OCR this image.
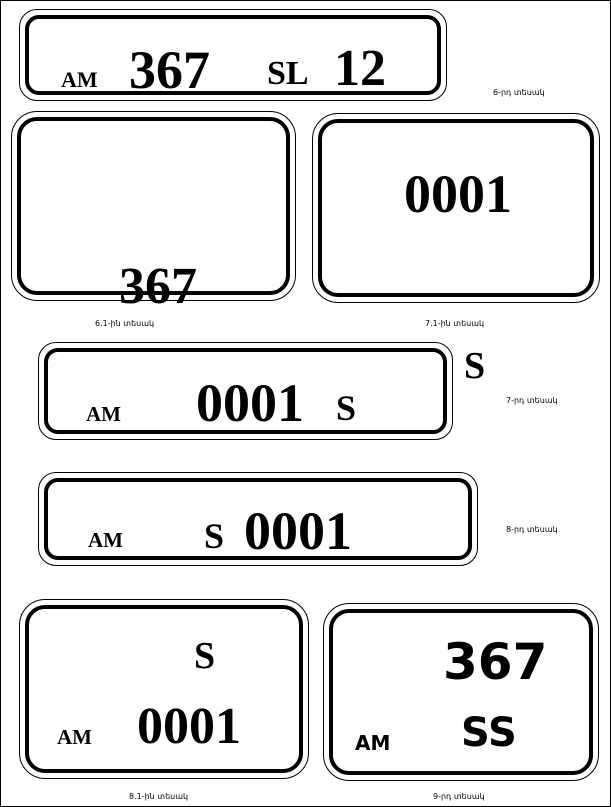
AM 367 SL 12	6-րդ տեսակ
367
6.1-ին տեսակ
0001
S
7.1-ին տեսակ
AM 0001 S	7-րդ տեսակ
AM S 0001	8-րդ տեսակ
S
AM 0001
8.1-ին տեսակ
367
SS
AM
9-րդ տեսակ
